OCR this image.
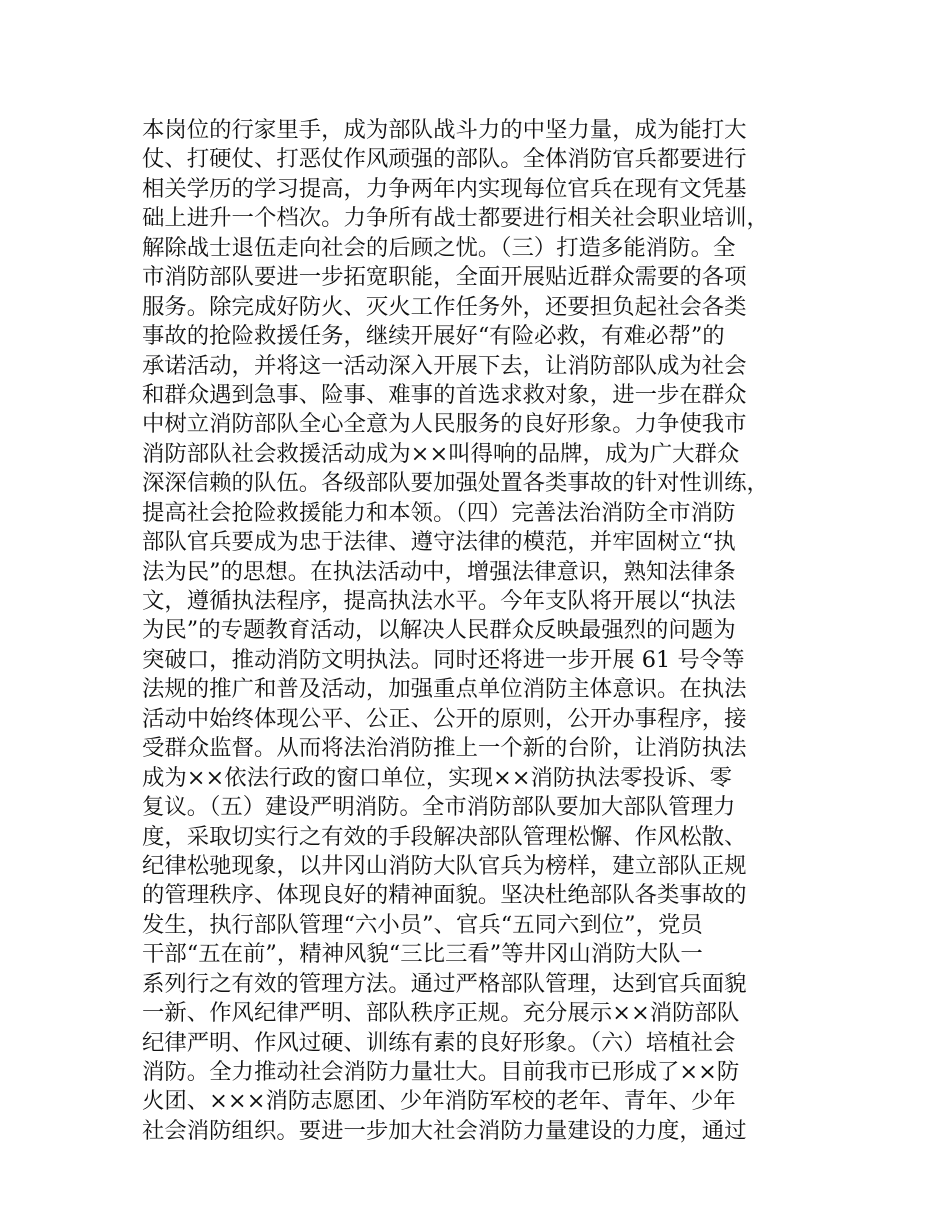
本岗位的行家里手，成为部队战斗力的中坚力量，成为能打大
仗、打硬仗、打恶仗作风顽强的部队。全体消防官兵都要进行
相关学历的学习提高，力争两年内实现每位官兵在现有文凭基
础上进升一个档次。力争所有战士都要进行相关社会职业培训，
解除战士退伍走向社会的后顾之忧。（三）打造多能消防。全
市消防部队要进一步拓宽职能，全面开展贴近群众需要的各项
服务。除完成好防火、灭火工作任务外，还要担负起社会各类
事故的抢险救援任务，继续开展好“有险必救，有难必帮”的
承诺活动，并将这一活动深入开展下去，让消防部队成为社会
和群众遇到急事、险事、难事的首选求救对象，进一步在群众
中树立消防部队全心全意为人民服务的良好形象。力争使我市
消防部队社会救援活动成为××叫得响的品牌，成为广大群众
深深信赖的队伍。各级部队要加强处置各类事故的针对性训练，
提高社会抢险救援能力和本领。（四）完善法治消防全市消防
部队官兵要成为忠于法律、遵守法律的模范，并牢固树立“执
法为民”的思想。在执法活动中，增强法律意识，熟知法律条
文，遵循执法程序，提高执法水平。今年支队将开展以“执法
为民”的专题教育活动，以解决人民群众反映最强烈的问题为
突破口，推动消防文明执法。同时还将进一步开展 61 号令等
法规的推广和普及活动，加强重点单位消防主体意识。在执法
活动中始终体现公平、公正、公开的原则，公开办事程序，接
受群众监督。从而将法治消防推上一个新的台阶，让消防执法
成为××依法行政的窗口单位，实现××消防执法零投诉、零
复议。（五）建设严明消防。全市消防部队要加大部队管理力
度，采取切实行之有效的手段解决部队管理松懈、作风松散、
纪律松驰现象，以井冈山消防大队官兵为榜样，建立部队正规
的管理秩序、体现良好的精神面貌。坚决杜绝部队各类事故的
发生，执行部队管理“六小员”、官兵“五同六到位”，党员
干部“五在前”，精神风貌“三比三看”等井冈山消防大队一
系列行之有效的管理方法。通过严格部队管理，达到官兵面貌
一新、作风纪律严明、部队秩序正规。充分展示××消防部队
纪律严明、作风过硬、训练有素的良好形象。（六）培植社会
消防。全力推动社会消防力量壮大。目前我市已形成了××防
火团、×××消防志愿团、少年消防军校的老年、青年、少年
社会消防组织。要进一步加大社会消防力量建设的力度，通过
